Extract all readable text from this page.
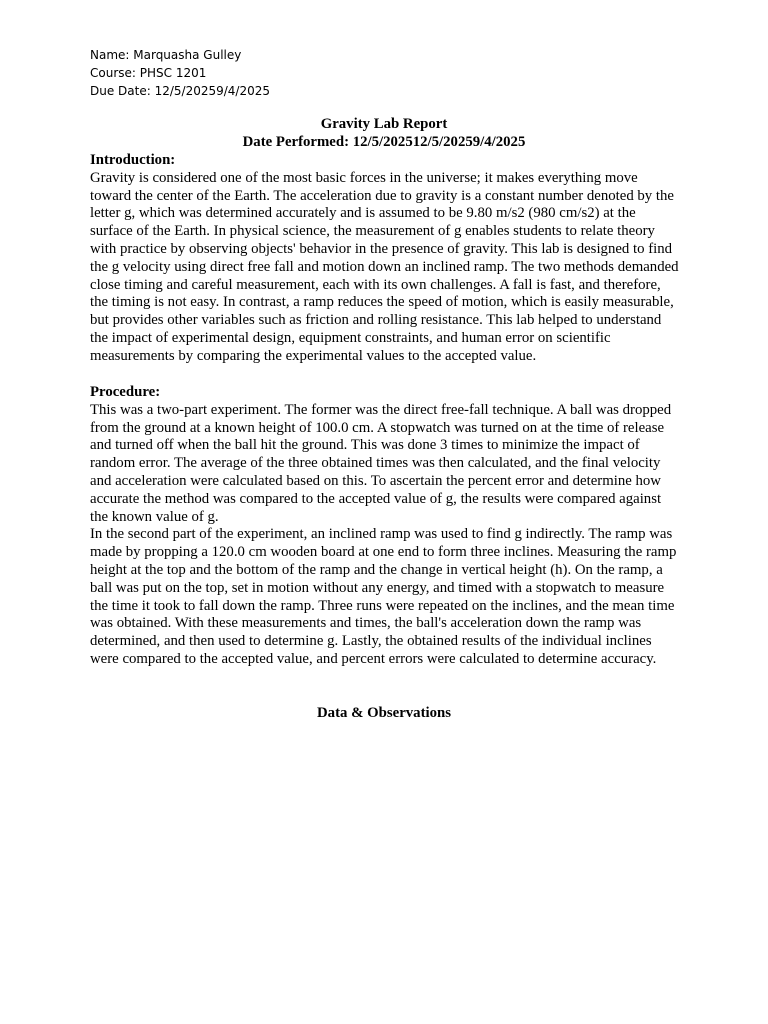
Name: Marquasha Gulley
Course: PHSC 1201
Due Date: 12/5/20259/4/2025
Gravity Lab Report
Date Performed: 12/5/202512/5/20259/4/2025
Introduction:

Gravity is considered one of the most basic forces in the universe; it makes everything move toward the center of the Earth. The acceleration due to gravity is a constant number denoted by the letter g, which was determined accurately and is assumed to be 9.80 m/s2 (980 cm/s2) at the surface of the Earth. In physical science, the measurement of g enables students to relate theory with practice by observing objects' behavior in the presence of gravity. This lab is designed to find the g velocity using direct free fall and motion down an inclined ramp. The two methods demanded close timing and careful measurement, each with its own challenges. A fall is fast, and therefore, the timing is not easy. In contrast, a ramp reduces the speed of motion, which is easily measurable, but provides other variables such as friction and rolling resistance. This lab helped to understand the impact of experimental design, equipment constraints, and human error on scientific measurements by comparing the experimental values to the accepted value.

Procedure:

This was a two-part experiment. The former was the direct free-fall technique. A ball was dropped from the ground at a known height of 100.0 cm. A stopwatch was turned on at the time of release and turned off when the ball hit the ground. This was done 3 times to minimize the impact of random error. The average of the three obtained times was then calculated, and the final velocity and acceleration were calculated based on this. To ascertain the percent error and determine how accurate the method was compared to the accepted value of g, the results were compared against the known value of g.

In the second part of the experiment, an inclined ramp was used to find g indirectly. The ramp was made by propping a 120.0 cm wooden board at one end to form three inclines. Measuring the ramp height at the top and the bottom of the ramp and the change in vertical height (h). On the ramp, a ball was put on the top, set in motion without any energy, and timed with a stopwatch to measure the time it took to fall down the ramp. Three runs were repeated on the inclines, and the mean time was obtained. With these measurements and times, the ball's acceleration down the ramp was determined, and then used to determine g. Lastly, the obtained results of the individual inclines were compared to the accepted value, and percent errors were calculated to determine accuracy.

Data & Observations
